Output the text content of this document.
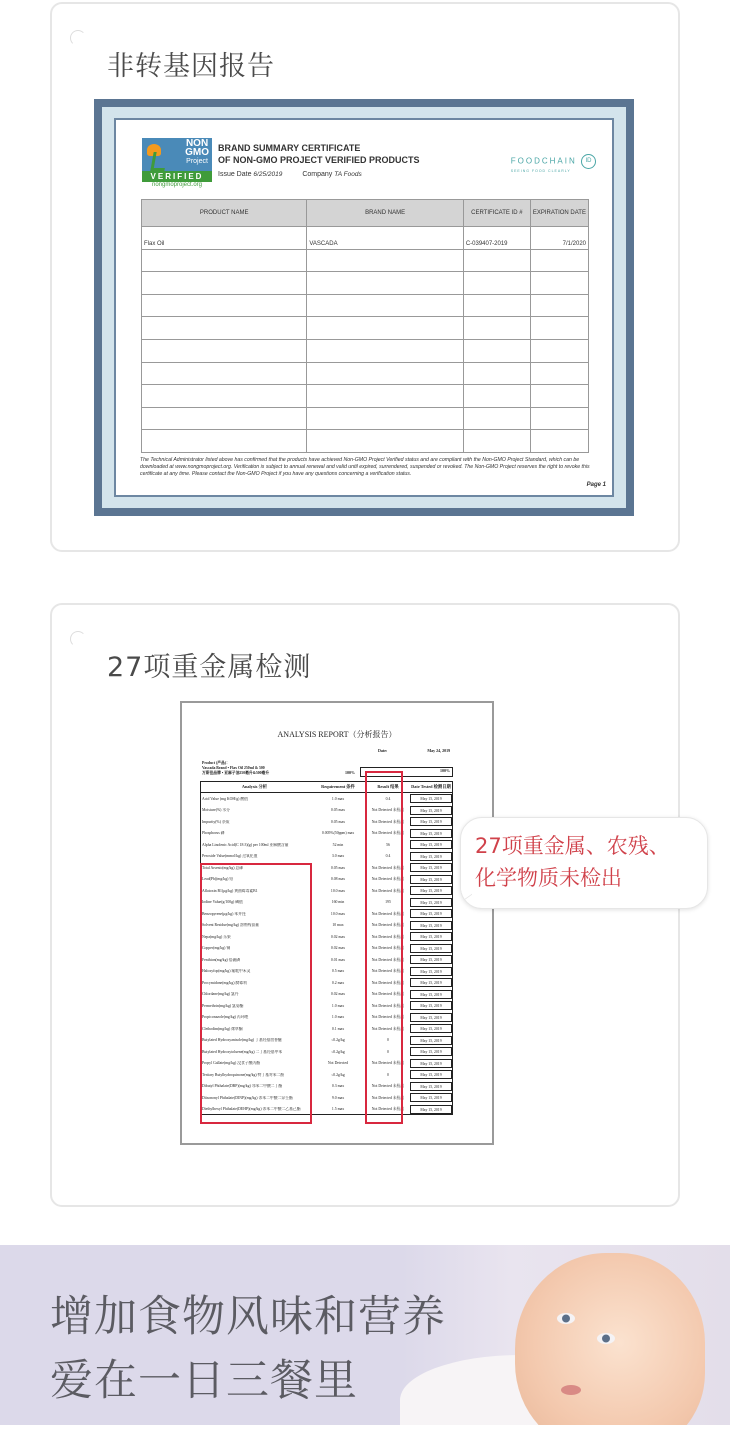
非转基因报告
NON
GMO
Project
VERIFIED
nongmoproject.org
BRAND SUMMARY CERTIFICATE
OF NON-GMO PROJECT VERIFIED PRODUCTS
Issue Date 6/25/2019	Company TA Foods
FOODCHAIN ID
SEEING FOOD CLEARLY
PRODUCT NAME	BRAND NAME	CERTIFICATE ID #	EXPIRATION DATE
Flax Oil	VASCADA	C-039407-2019	7/1/2020

The Technical Administrator listed above has confirmed that the products have achieved Non-GMO Project Verified status and are compliant with the Non-GMO Project Standard, which can be downloaded at www.nongmoproject.org. Verification is subject to annual renewal and valid until expired, surrendered, suspended or revoked. The Non-GMO Project reserves the right to revoke this certificate at any time. Please contact the Non-GMO Project if you have any questions concerning a verification status.
Page 1
27项重金属检测
ANALYSIS REPORT（分析报告）
Date:	May 24, 2019
Product (产品)：
Vascada Brand • Flax Oil 250ml & 500
万斯佳品牌 • 亚麻子油250毫升&500毫升	100%	100%
Analysis 分析	Requirement 条件	Result 结果	Date Tested 检测日期
Acid Value (mg KOH/g) 酸值	1.0 max	0.4	May 15, 2019
Moisture(%) 水分	0.05 max	Not Detected 未检出	May 15, 2019
Impurity(%) 杂质	0.05 max	Not Detected 未检出	May 15, 2019
Phosphorus 磷	0.005%(50ppm) max	Not Detected 未检出	May 15, 2019
Alpha Linolenic Acid(C 18:3)(g) per 100ml 亚麻酸含量	52 min	56	May 15, 2019
Peroxide Value(mmol/kg) 过氧化值	3.0 max	0.4	May 15, 2019
Total Arsenic(mg/kg) 总砷	0.05 max	Not Detected 未检出	May 15, 2019
Lead(Pb)(mg/kg) 铅	0.08 max	Not Detected 未检出	May 15, 2019
Aflatoxin B1(μg/kg) 黄曲霉毒素B1	10.0 max	Not Detected 未检出	May 15, 2019
Iodine Value(g/100g) 碘值	160 min	195	May 15, 2019
Benzopyrene(μg/kg) 苯并芘	10.0 max	Not Detected 未检出	May 15, 2019
Solvent Residue(mg/kg) 溶剂残留量	10 max	Not Detected 未检出	May 15, 2019
Nepa(mg/kg) 乐果	0.02 max	Not Detected 未检出	May 15, 2019
Copper(mg/kg) 铜	0.02 max	Not Detected 未检出	May 15, 2019
Fenthion(mg/kg) 倍硫磷	0.01 max	Not Detected 未检出	May 15, 2019
Haloxyfop(mg/kg) 氟吡甲禾灵	0.5 max	Not Detected 未检出	May 15, 2019
Procymidone(mg/kg) 腐霉利	0.2 max	Not Detected 未检出	May 15, 2019
Chlordane(mg/kg) 氯丹	0.02 max	Not Detected 未检出	May 15, 2019
Permethrin(mg/kg) 氯菊酯	1.0 max	Not Detected 未检出	May 15, 2019
Propiconazole(mg/kg) 丙环唑	1.0 max	Not Detected 未检出	May 15, 2019
Clethodim(mg/kg) 烯草酮	0.1 max	Not Detected 未检出	May 15, 2019
Butylated Hydroxyanisole(mg/kg) 丁基羟基茴香醚	≤0.2g/kg	0	May 15, 2019
Butylated Hydroxytoluene(mg/kg) 二丁基羟基甲苯	≤0.2g/kg	0	May 15, 2019
Propyl Gallate(mg/kg) 没食子酸丙酯	Not Detected	Not Detected 未检出	May 15, 2019
Tertiary Butylhydroquinone(mg/kg) 特丁基对苯二酚	≤0.2g/kg	0	May 15, 2019
Dibutyl Phthalate(DBP)(mg/kg) 邻苯二甲酸二丁酯	0.3 max	Not Detected 未检出	May 15, 2019
Diisononyl Phthalate(DINP)(mg/kg) 邻苯二甲酸二异壬酯	9.0 max	Not Detected 未检出	May 15, 2019
Diethylhexyl Phthalate(DEHP)(mg/kg) 邻苯二甲酸二乙基己酯	1.5 max	Not Detected 未检出	May 15, 2019
27项重金属、农残、
化学物质未检出
增加食物风味和营养
爱在一日三餐里
